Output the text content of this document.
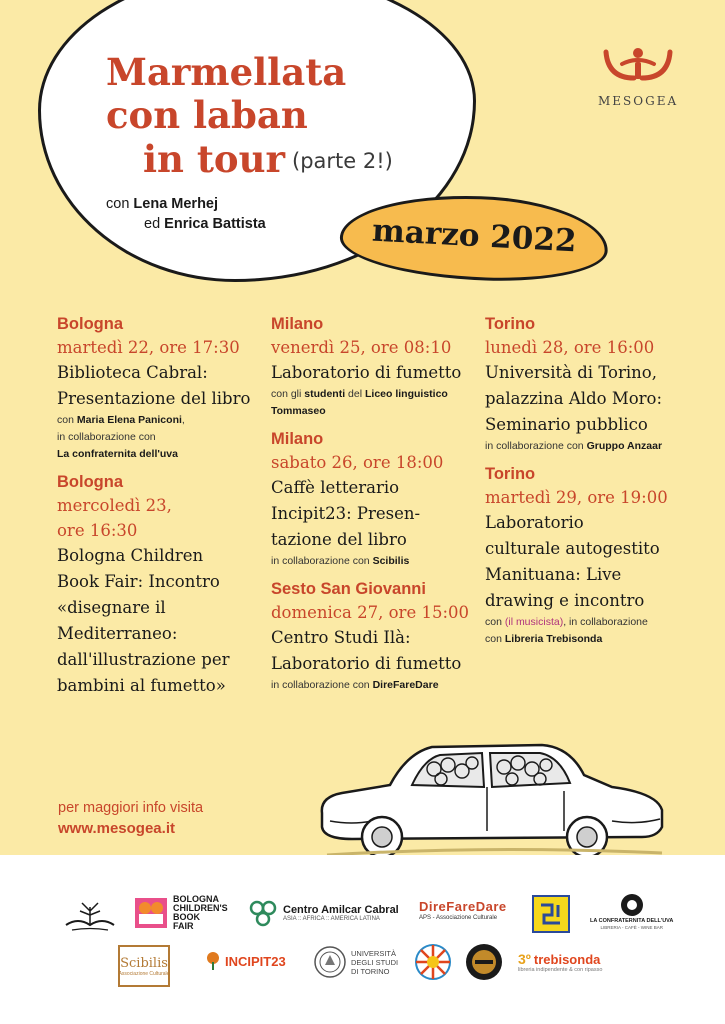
Marmellata
con laban
in tour (parte 2!)
con Lena Merhej
ed Enrica Battista	marzo 2022
MESOGEA

Bologna

martedì 22, ore 17:30

Biblioteca Cabral:

Presentazione del libro

con Maria Elena Paniconi,

in collaborazione con

La confraternita dell'uva

Bologna

mercoledì 23,

ore 16:30

Bologna Children

Book Fair: Incontro

«disegnare il

Mediterraneo:

dall'illustrazione per

bambini al fumetto»

Milano

venerdì 25, ore 08:10

Laboratorio di fumetto

con gli studenti del Liceo linguistico

Tommaseo

Milano

sabato 26, ore 18:00

Caffè letterario

Incipit23: Presen-

tazione del libro

in collaborazione con Scibilis

Sesto San Giovanni

domenica 27, ore 15:00

Centro Studi Ilà:

Laboratorio di fumetto

in collaborazione con DireFareDare

Torino

lunedì 28, ore 16:00

Università di Torino,

palazzina Aldo Moro:

Seminario pubblico

in collaborazione con Gruppo Anzaar

Torino

martedì 29, ore 19:00

Laboratorio

culturale autogestito

Manituana: Live

drawing e incontro

con (il musicista), in collaborazione

con Libreria Trebisonda

per maggiori info visita
www.mesogea.it
BOLOGNA
CHILDREN'S
BOOK
FAIR
Centro Amilcar Cabral
ASIA :: AFRICA :: AMERICA LATINA
DireFareDare
APS - Associazione Culturale	LA CONFRATERNITA DELL'UVA
LIBRERIA - CAFÈ - WINE BAR
Scibilis
Associazione Culturale
INCIPIT23
UNIVERSITÀ
DEGLI STUDI
DI TORINO
3º trebisonda
libreria indipendente & con ripasso
